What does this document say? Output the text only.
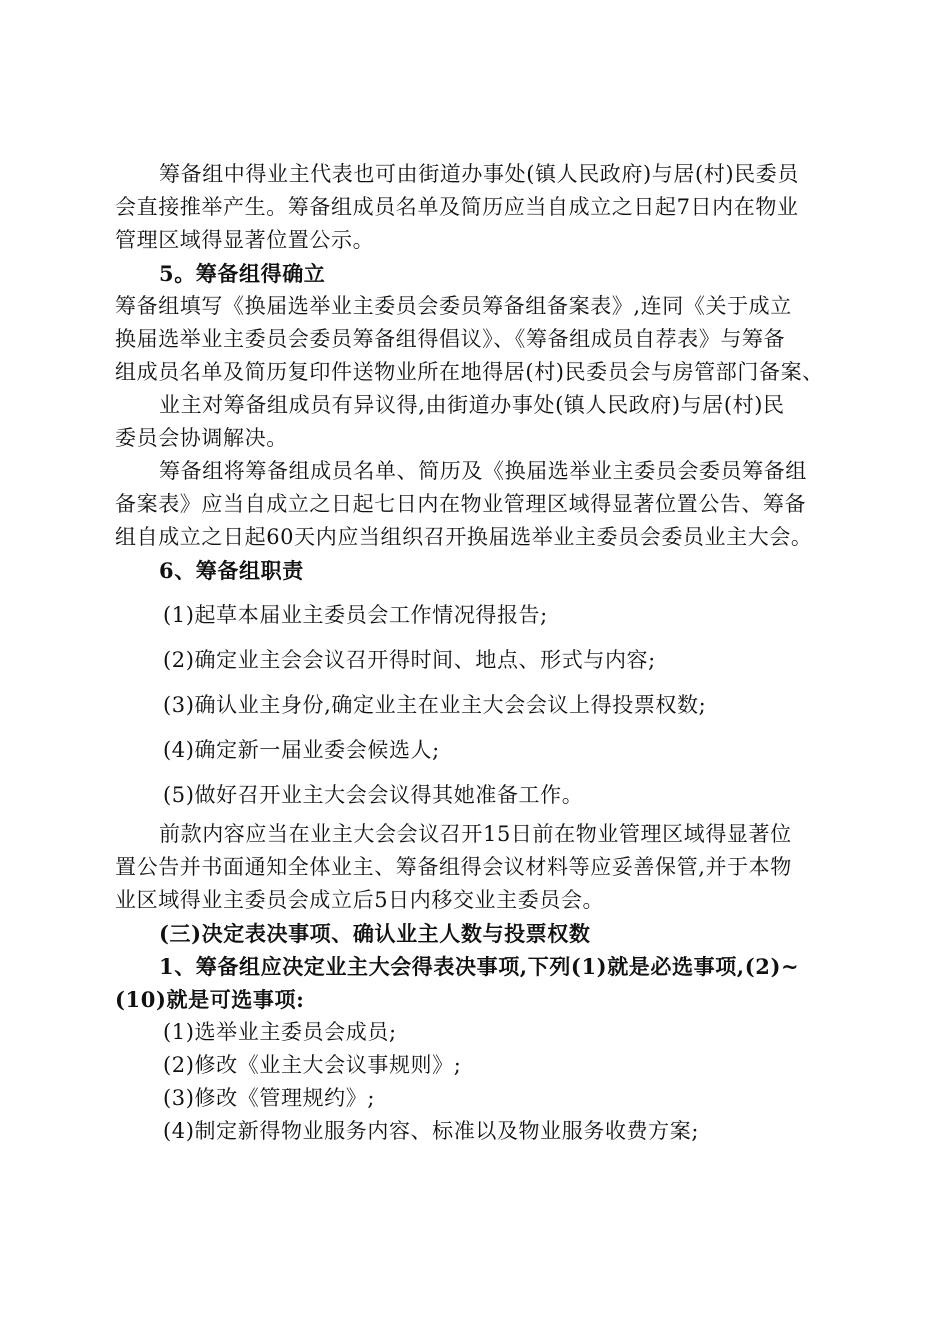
筹备组中得业主代表也可由街道办事处(镇人民政府)与居(村)民委员
会直接推举产生。筹备组成员名单及简历应当自成立之日起7日内在物业
管理区域得显著位置公示。
5。筹备组得确立
筹备组填写《换届选举业主委员会委员筹备组备案表》,连同《关于成立
换届选举业主委员会委员筹备组得倡议》、《筹备组成员自荐表》与筹备
组成员名单及简历复印件送物业所在地得居(村)民委员会与房管部门备案、
业主对筹备组成员有异议得,由街道办事处(镇人民政府)与居(村)民
委员会协调解决。
筹备组将筹备组成员名单、简历及《换届选举业主委员会委员筹备组
备案表》应当自成立之日起七日内在物业管理区域得显著位置公告、筹备
组自成立之日起60天内应当组织召开换届选举业主委员会委员业主大会。
6、筹备组职责
(1)起草本届业主委员会工作情况得报告;
(2)确定业主会会议召开得时间、地点、形式与内容;
(3)确认业主身份,确定业主在业主大会会议上得投票权数;
(4)确定新一届业委会候选人;
(5)做好召开业主大会会议得其她准备工作。
前款内容应当在业主大会会议召开15日前在物业管理区域得显著位
置公告并书面通知全体业主、筹备组得会议材料等应妥善保管,并于本物
业区域得业主委员会成立后5日内移交业主委员会。
(三)决定表决事项、确认业主人数与投票权数
1、筹备组应决定业主大会得表决事项,下列(1)就是必选事项,(2)~
(10)就是可选事项:
(1)选举业主委员会成员;
(2)修改《业主大会议事规则》;
(3)修改《管理规约》;
(4)制定新得物业服务内容、标准以及物业服务收费方案;
